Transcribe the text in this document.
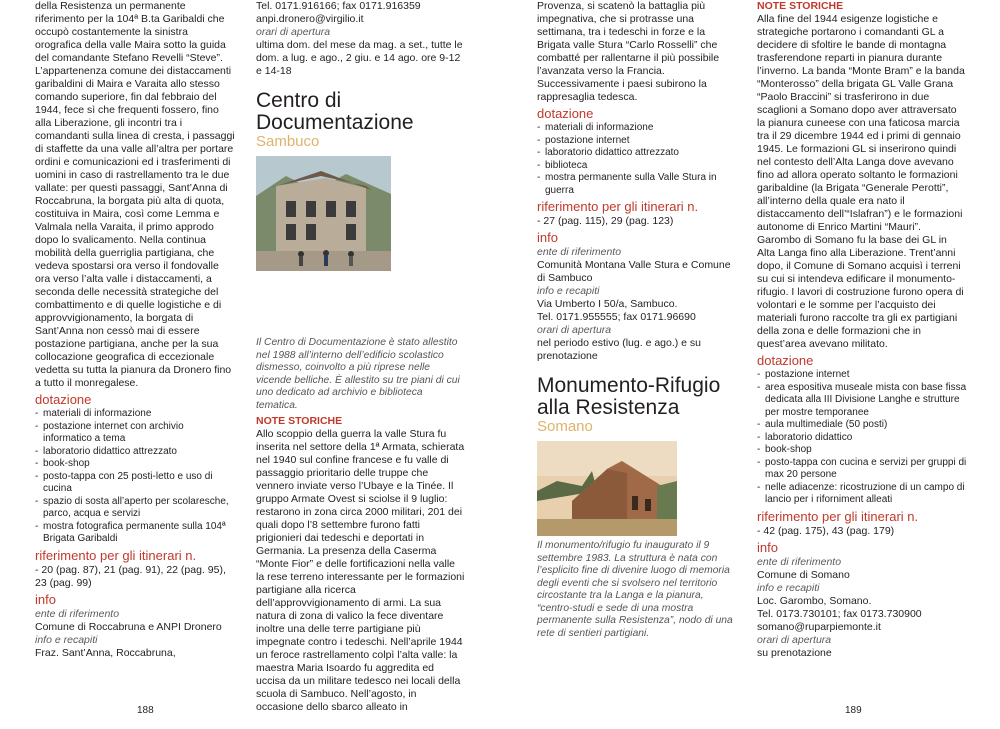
della Resistenza un permanente riferimento per la 104ª B.ta Garibaldi che occupò costantemente la sinistra orografica della valle Maira sotto la guida del comandante Stefano Revelli “Steve”. L’appartenenza comune dei distaccamenti garibaldini di Maira e Varaita allo stesso comando superiore, fin dal febbraio del 1944, fece sì che frequenti fossero, fino alla Liberazione, gli incontri tra i comandanti sulla linea di cresta, i passaggi di staffette da una valle all’altra per portare ordini e comunicazioni ed i trasferimenti di uomini in caso di rastrellamento tra le due vallate: per questi passaggi, Sant’Anna di Roccabruna, la borgata più alta di quota, costituiva in Maira, così come Lemma e Valmala nella Varaita, il primo approdo dopo lo svalicamento. Nella continua mobilità della guerriglia partigiana, che vedeva spostarsi ora verso il fondovalle ora verso l’alta valle i distaccamenti, a seconda delle necessità strategiche del combattimento e di quelle logistiche e di approvvigionamento, la borgata di Sant’Anna non cessò mai di essere postazione partigiana, anche per la sua collocazione geografica di eccezionale vedetta su tutta la pianura da Dronero fino a tutto il monregalese.

dotazione
- materiali di informazione
- postazione internet con archivio informatico a tema
- laboratorio didattico attrezzato
- book-shop
- posto-tappa con 25 posti-letto e uso di cucina
- spazio di sosta all’aperto per scolaresche, parco, acqua e servizi
- mostra fotografica permanente sulla 104ª Brigata Garibaldi
riferimento per gli itinerari n.

- 20 (pag. 87), 21 (pag. 91), 22 (pag. 95), 23 (pag. 99)

info

ente di riferimento

Comune di Roccabruna e ANPI Dronero

info e recapiti

Fraz. Sant’Anna, Roccabruna,

Tel. 0171.916166; fax 0171.916359

anpi.dronero@virgilio.it

orari di apertura

ultima dom. del mese da mag. a set., tutte le dom. a lug. e ago., 2 giu. e 14 ago. ore 9-12 e 14-18

Centro di Documentazione
Sambuco

Il Centro di Documentazione è stato allestito nel 1988 all’interno dell’edificio scolastico dismesso, coinvolto a più riprese nelle vicende belliche. È allestito su tre piani di cui uno dedicato ad archivio e biblioteca tematica.

NOTE STORICHE

Allo scoppio della guerra la valle Stura fu inserita nel settore della 1ª Armata, schierata nel 1940 sul confine francese e fu valle di passaggio prioritario delle truppe che vennero inviate verso l’Ubaye e la Tinée. Il gruppo Armate Ovest si sciolse il 9 luglio: restarono in zona circa 2000 militari, 201 dei quali dopo l’8 settembre furono fatti prigionieri dai tedeschi e deportati in Germania. La presenza della Caserma “Monte Fior” e delle fortificazioni nella valle la rese terreno interessante per le formazioni partigiane alla ricerca dell’approvvigionamento di armi. La sua natura di zona di valico la fece diventare inoltre una delle terre partigiane più impegnate contro i tedeschi. Nell’aprile 1944 un feroce rastrellamento colpì l’alta valle: la maestra Maria Isoardo fu aggredita ed uccisa da un militare tedesco nei locali della scuola di Sambuco. Nell’agosto, in occasione dello sbarco alleato in

188

Provenza, si scatenò la battaglia più impegnativa, che si protrasse una settimana, tra i tedeschi in forze e la Brigata valle Stura “Carlo Rosselli” che combatté per rallentarne il più possibile l’avanzata verso la Francia. Successivamente i paesi subirono la rappresaglia tedesca.

dotazione
- materiali di informazione
- postazione internet
- laboratorio didattico attrezzato
- biblioteca
- mostra permanente sulla Valle Stura in guerra
riferimento per gli itinerari n.

- 27 (pag. 115), 29 (pag. 123)

info

ente di riferimento

Comunità Montana Valle Stura e Comune di Sambuco

info e recapiti

Via Umberto I 50/a, Sambuco.

Tel. 0171.955555; fax 0171.96690

orari di apertura

nel periodo estivo (lug. e ago.) e su prenotazione

Monumento-Rifugio alla Resistenza
Somano

Il monumento/rifugio fu inaugurato il 9 settembre 1983. La struttura è nata con l’esplicito fine di divenire luogo di memoria degli eventi che si svolsero nel territorio circostante tra la Langa e la pianura, “centro-studi e sede di una mostra permanente sulla Resistenza”, nodo di una rete di sentieri partigiani.

NOTE STORICHE

Alla fine del 1944 esigenze logistiche e strategiche portarono i comandanti GL a decidere di sfoltire le bande di montagna trasferendone reparti in pianura durante l’inverno. La banda “Monte Bram” e la banda “Monterosso” della brigata GL Valle Grana “Paolo Braccini” si trasferirono in due scaglioni a Somano dopo aver attraversato la pianura cuneese con una faticosa marcia tra il 29 dicembre 1944 ed i primi di gennaio 1945. Le formazioni GL si inserirono quindi nel contesto dell’Alta Langa dove avevano fino ad allora operato soltanto le formazioni garibaldine (la Brigata “Generale Perotti”, all’interno della quale era nato il distaccamento dell’“Islafran”) e le formazioni autonome di Enrico Martini “Mauri”. Garombo di Somano fu la base dei GL in Alta Langa fino alla Liberazione. Trent’anni dopo, il Comune di Somano acquisì i terreni su cui si intendeva edificare il monumento-rifugio. I lavori di costruzione furono opera di volontari e le somme per l’acquisto dei materiali furono raccolte tra gli ex partigiani della zona e delle formazioni che in quest’area avevano militato.

dotazione
- postazione internet
- area espositiva museale mista con base fissa dedicata alla III Divisione Langhe e strutture per mostre temporanee
- aula multimediale (50 posti)
- laboratorio didattico
- book-shop
- posto-tappa con cucina e servizi per gruppi di max 20 persone
- nelle adiacenze: ricostruzione di un campo di lancio per i riforniment alleati
riferimento per gli itinerari n.

- 42 (pag. 175), 43 (pag. 179)

info

ente di riferimento

Comune di Somano

info e recapiti

Loc. Garombo, Somano.

Tel. 0173.730101; fax 0173.730900

somano@ruparpiemonte.it

orari di apertura

su prenotazione

189
